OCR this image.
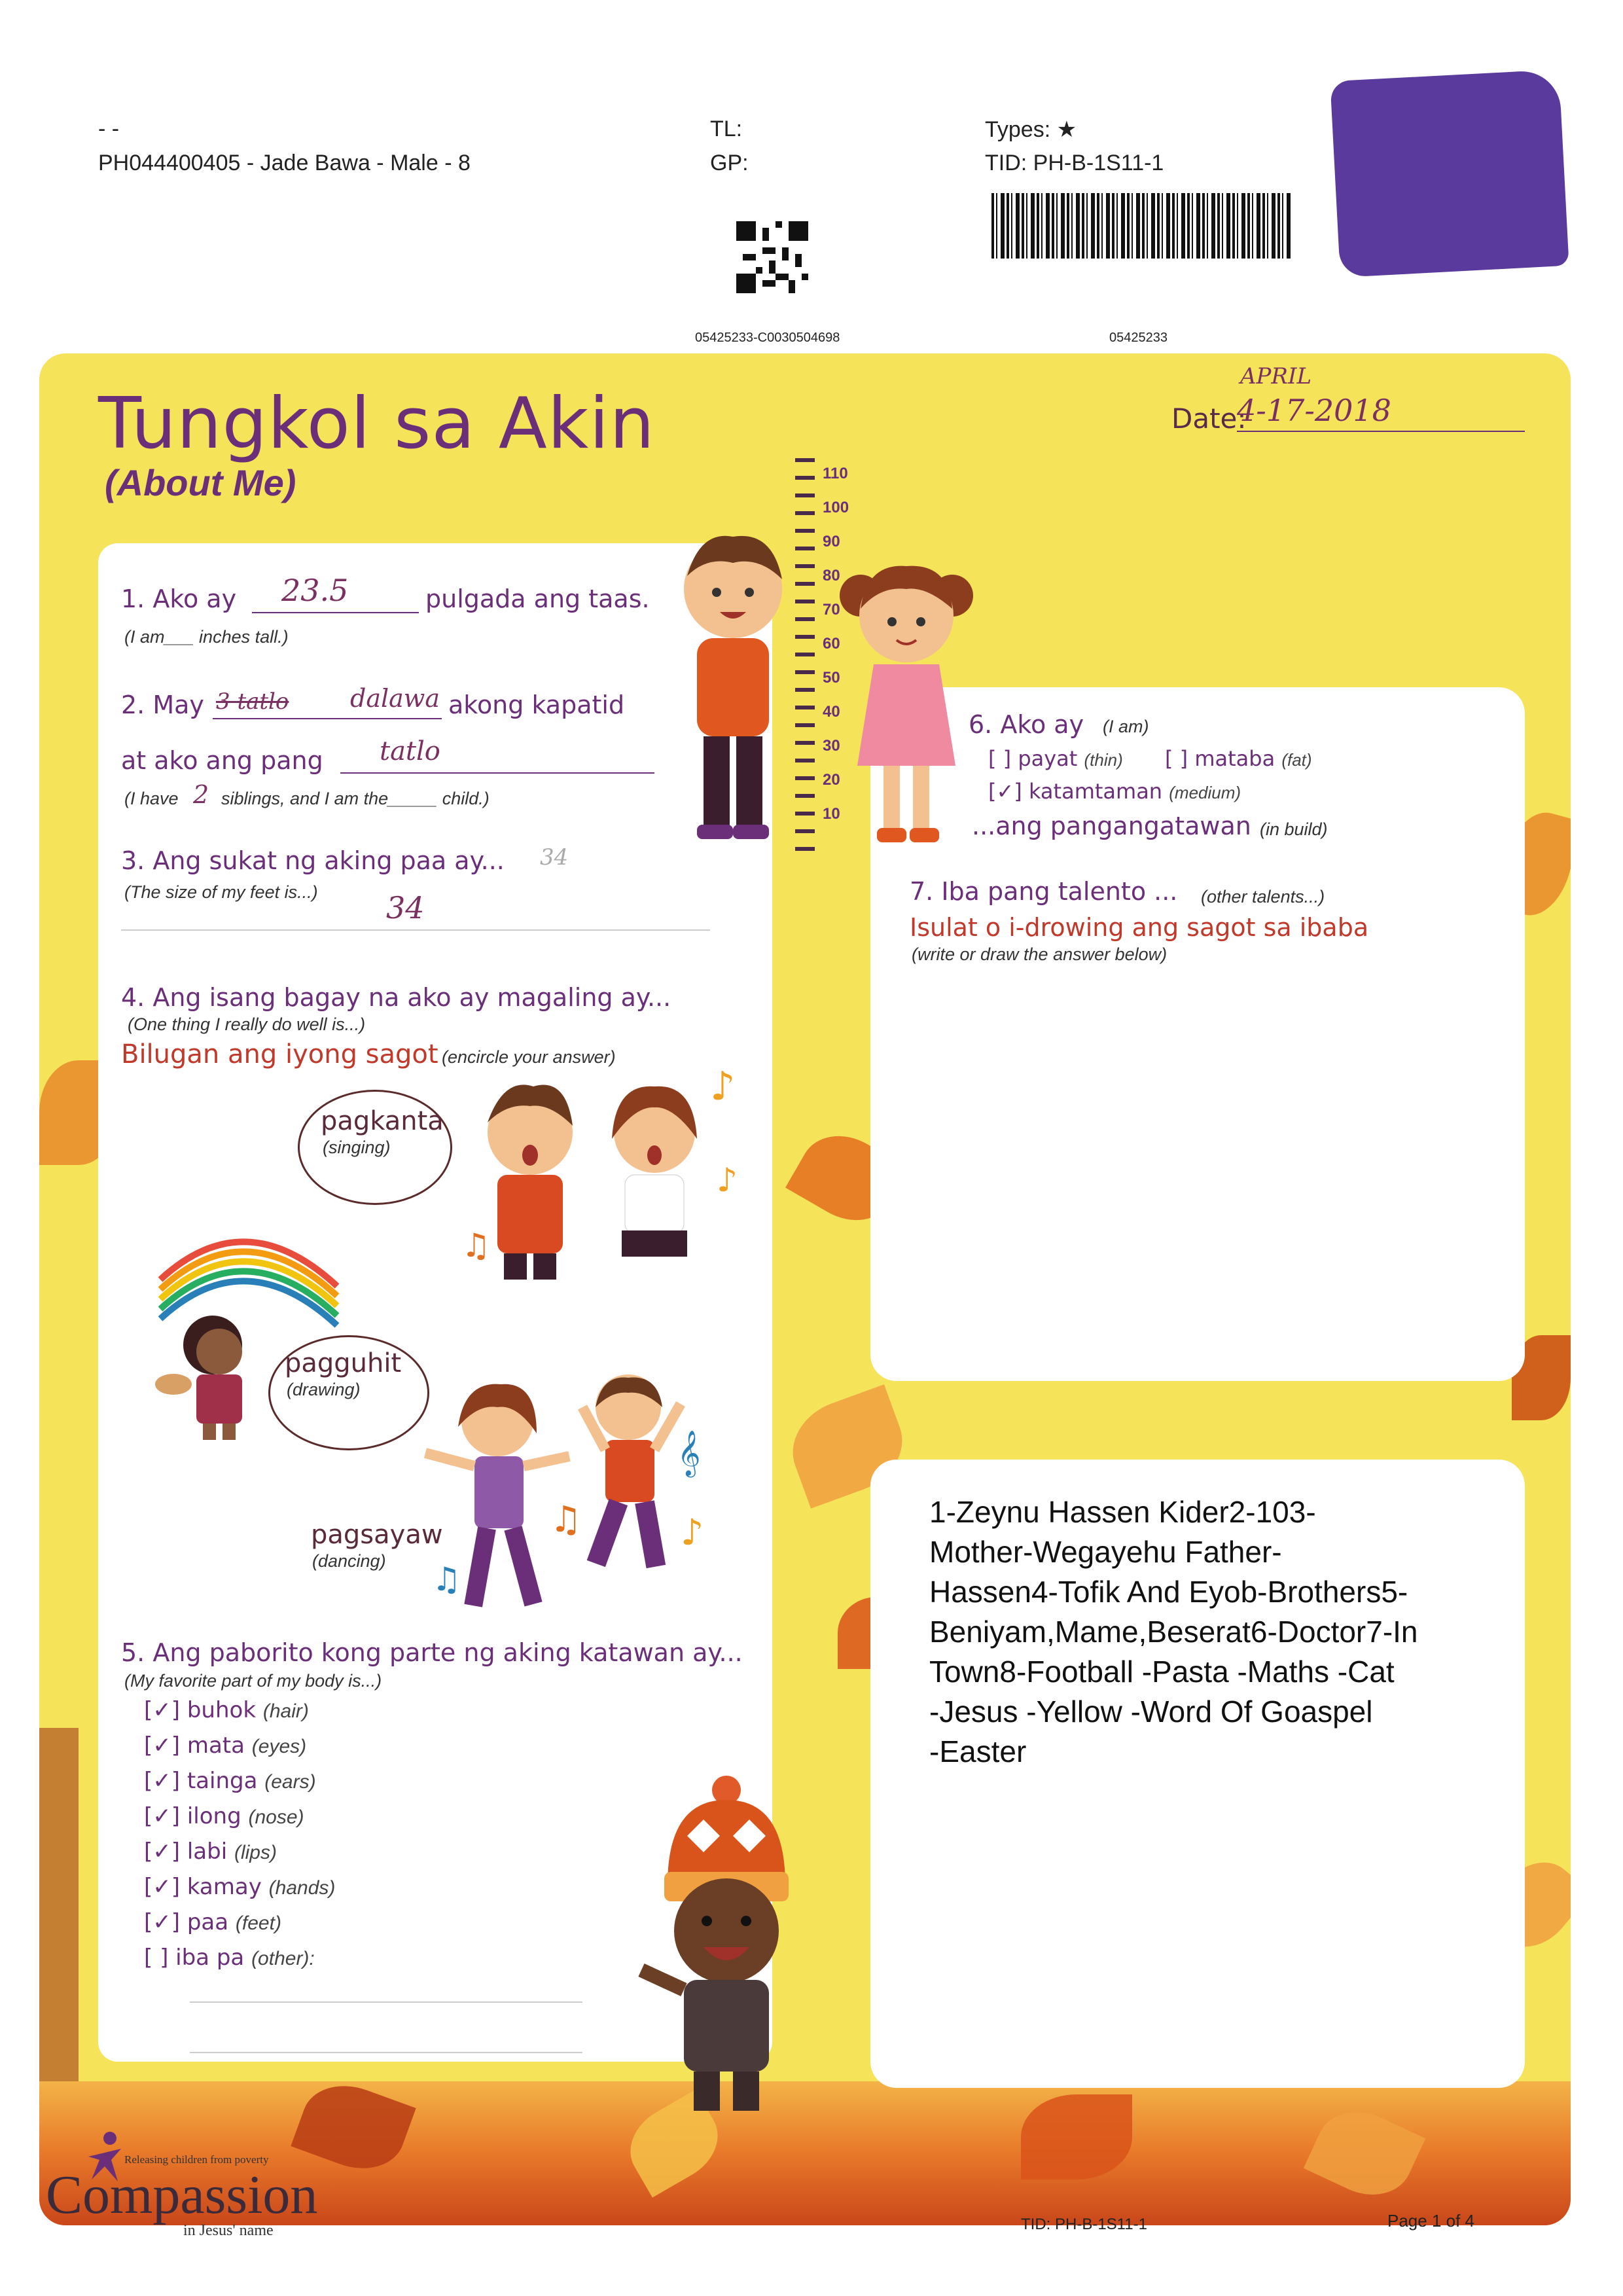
- -
PH044400405 - Jade Bawa - Male - 8
TL:
GP:
Types: ★
TID: PH-B-1S11-1
05425233-C0030504698	05425233
Tungkol sa Akin
(About Me)
APRIL
Date:
4-17-2018
110
100
90
80
70
60
50
40
30
20
10
1. Ako ay 23.5	pulgada ang taas.
(I am___ inches tall.)
2. May 3 tatlo dalawa akong kapatid
at ako ang pang tatlo
(I have 2 siblings, and I am the_____ child.)
3. Ang sukat ng aking paa ay... 34
(The size of my feet is...) 34
4. Ang isang bagay na ako ay magaling ay...
(One thing I really do well is...)
Bilugan ang iyong sagot (encircle your answer)
pagkanta
(singing)
♪
♫
♪
pagguhit
(drawing)
𝄞
♫	♪
♫
pagsayaw
(dancing)
5. Ang paborito kong parte ng aking katawan ay...
(My favorite part of my body is...)
[✓] buhok (hair)
[✓] mata (eyes)
[✓] tainga (ears)
[✓] ilong (nose)
[✓] labi (lips)
[✓] kamay (hands)
[✓] paa (feet)
[ ] iba pa (other):
6. Ako ay (I am)
[ ] payat (thin) [ ] mataba (fat)
[✓] katamtaman (medium)
...ang pangangatawan (in build)
7. Iba pang talento ... (other talents...)
Isulat o i-drowing ang sagot sa ibaba
(write or draw the answer below)
1-Zeynu Hassen Kider2-103-
Mother-Wegayehu Father-
Hassen4-Tofik And Eyob-Brothers5-
Beniyam,Mame,Beserat6-Doctor7-In
Town8-Football -Pasta -Maths -Cat
-Jesus -Yellow -Word Of Goaspel
-Easter
Releasing children from poverty
Compassion
in Jesus' name	TID: PH-B-1S11-1	Page 1 of 4
